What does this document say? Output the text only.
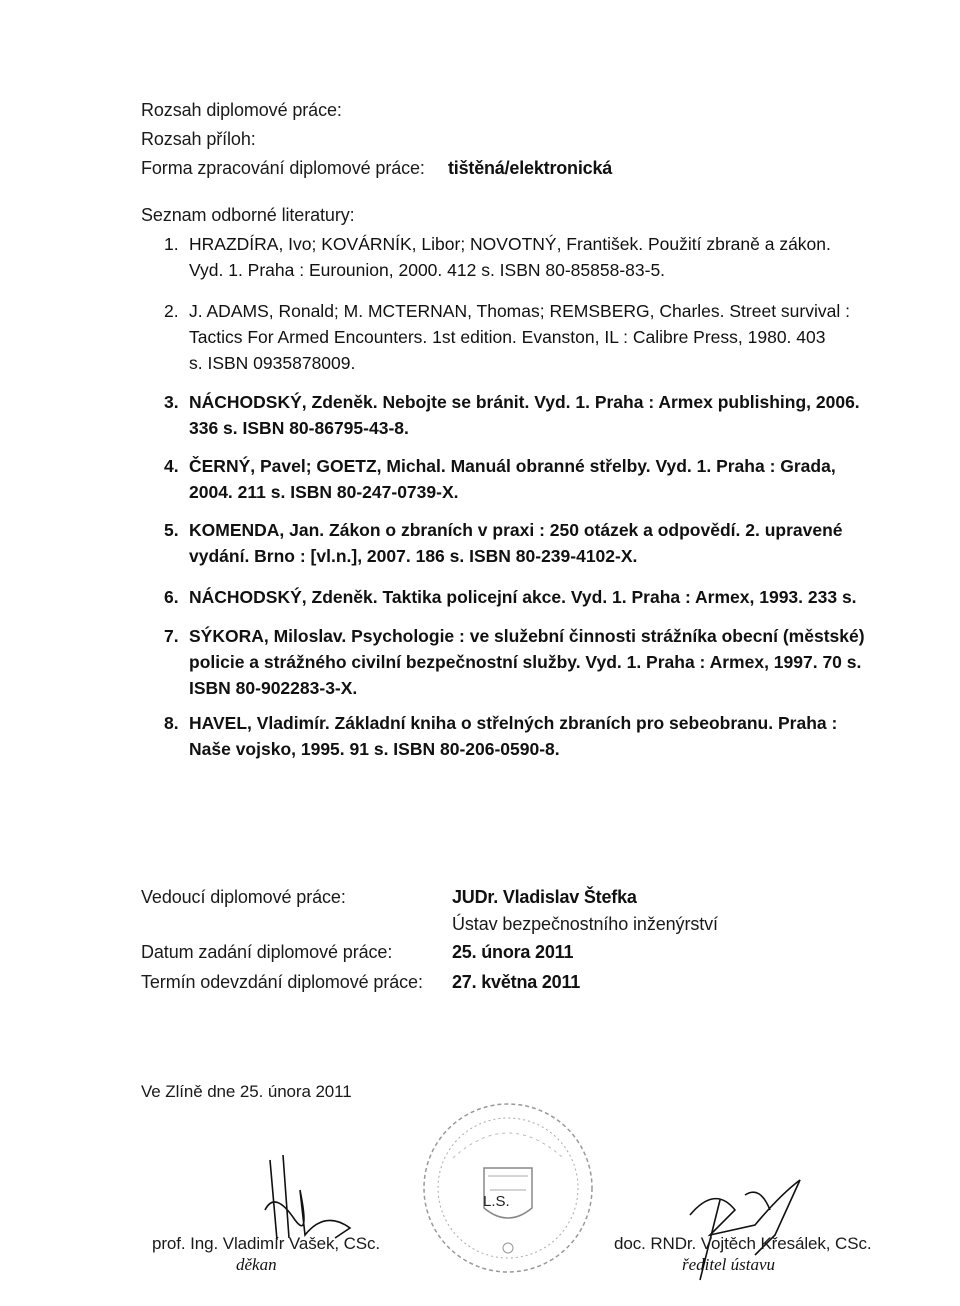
Rozsah diplomové práce:
Rozsah příloh:
Forma zpracování diplomové práce: tištěná/elektronická
Seznam odborné literatury:
1. HRAZDÍRA, Ivo; KOVÁRNÍK, Libor; NOVOTNÝ, František. Použití zbraně a zákon.
Vyd. 1. Praha : Eurounion, 2000. 412 s. ISBN 80-85858-83-5.
2. J. ADAMS, Ronald; M. MCTERNAN, Thomas; REMSBERG, Charles. Street survival :
Tactics For Armed Encounters. 1st edition. Evanston, IL : Calibre Press, 1980. 403
s. ISBN 0935878009.
3. NÁCHODSKÝ, Zdeněk. Nebojte se bránit. Vyd. 1. Praha : Armex publishing, 2006.
336 s. ISBN 80-86795-43-8.
4. ČERNÝ, Pavel; GOETZ, Michal. Manuál obranné střelby. Vyd. 1. Praha : Grada,
2004. 211 s. ISBN 80-247-0739-X.
5. KOMENDA, Jan. Zákon o zbraních v praxi : 250 otázek a odpovědí. 2. upravené
vydání. Brno : [vl.n.], 2007. 186 s. ISBN 80-239-4102-X.
6. NÁCHODSKÝ, Zdeněk. Taktika policejní akce. Vyd. 1. Praha : Armex, 1993. 233 s.
7. SÝKORA, Miloslav. Psychologie : ve služební činnosti strážníka obecní (městské)
policie a strážného civilní bezpečnostní služby. Vyd. 1. Praha : Armex, 1997. 70 s.
ISBN 80-902283-3-X.
8. HAVEL, Vladimír. Základní kniha o střelných zbraních pro sebeobranu. Praha :
Naše vojsko, 1995. 91 s. ISBN 80-206-0590-8.
Vedoucí diplomové práce:	JUDr. Vladislav Štefka
Ústav bezpečnostního inženýrství
Datum zadání diplomové práce:	25. února 2011
Termín odevzdání diplomové práce: 27. května 2011
Ve Zlíně dne 25. února 2011
L.S.
prof. Ing. Vladimír Vašek, CSc.
děkan
doc. RNDr. Vojtěch Křesálek, CSc.
ředitel ústavu
